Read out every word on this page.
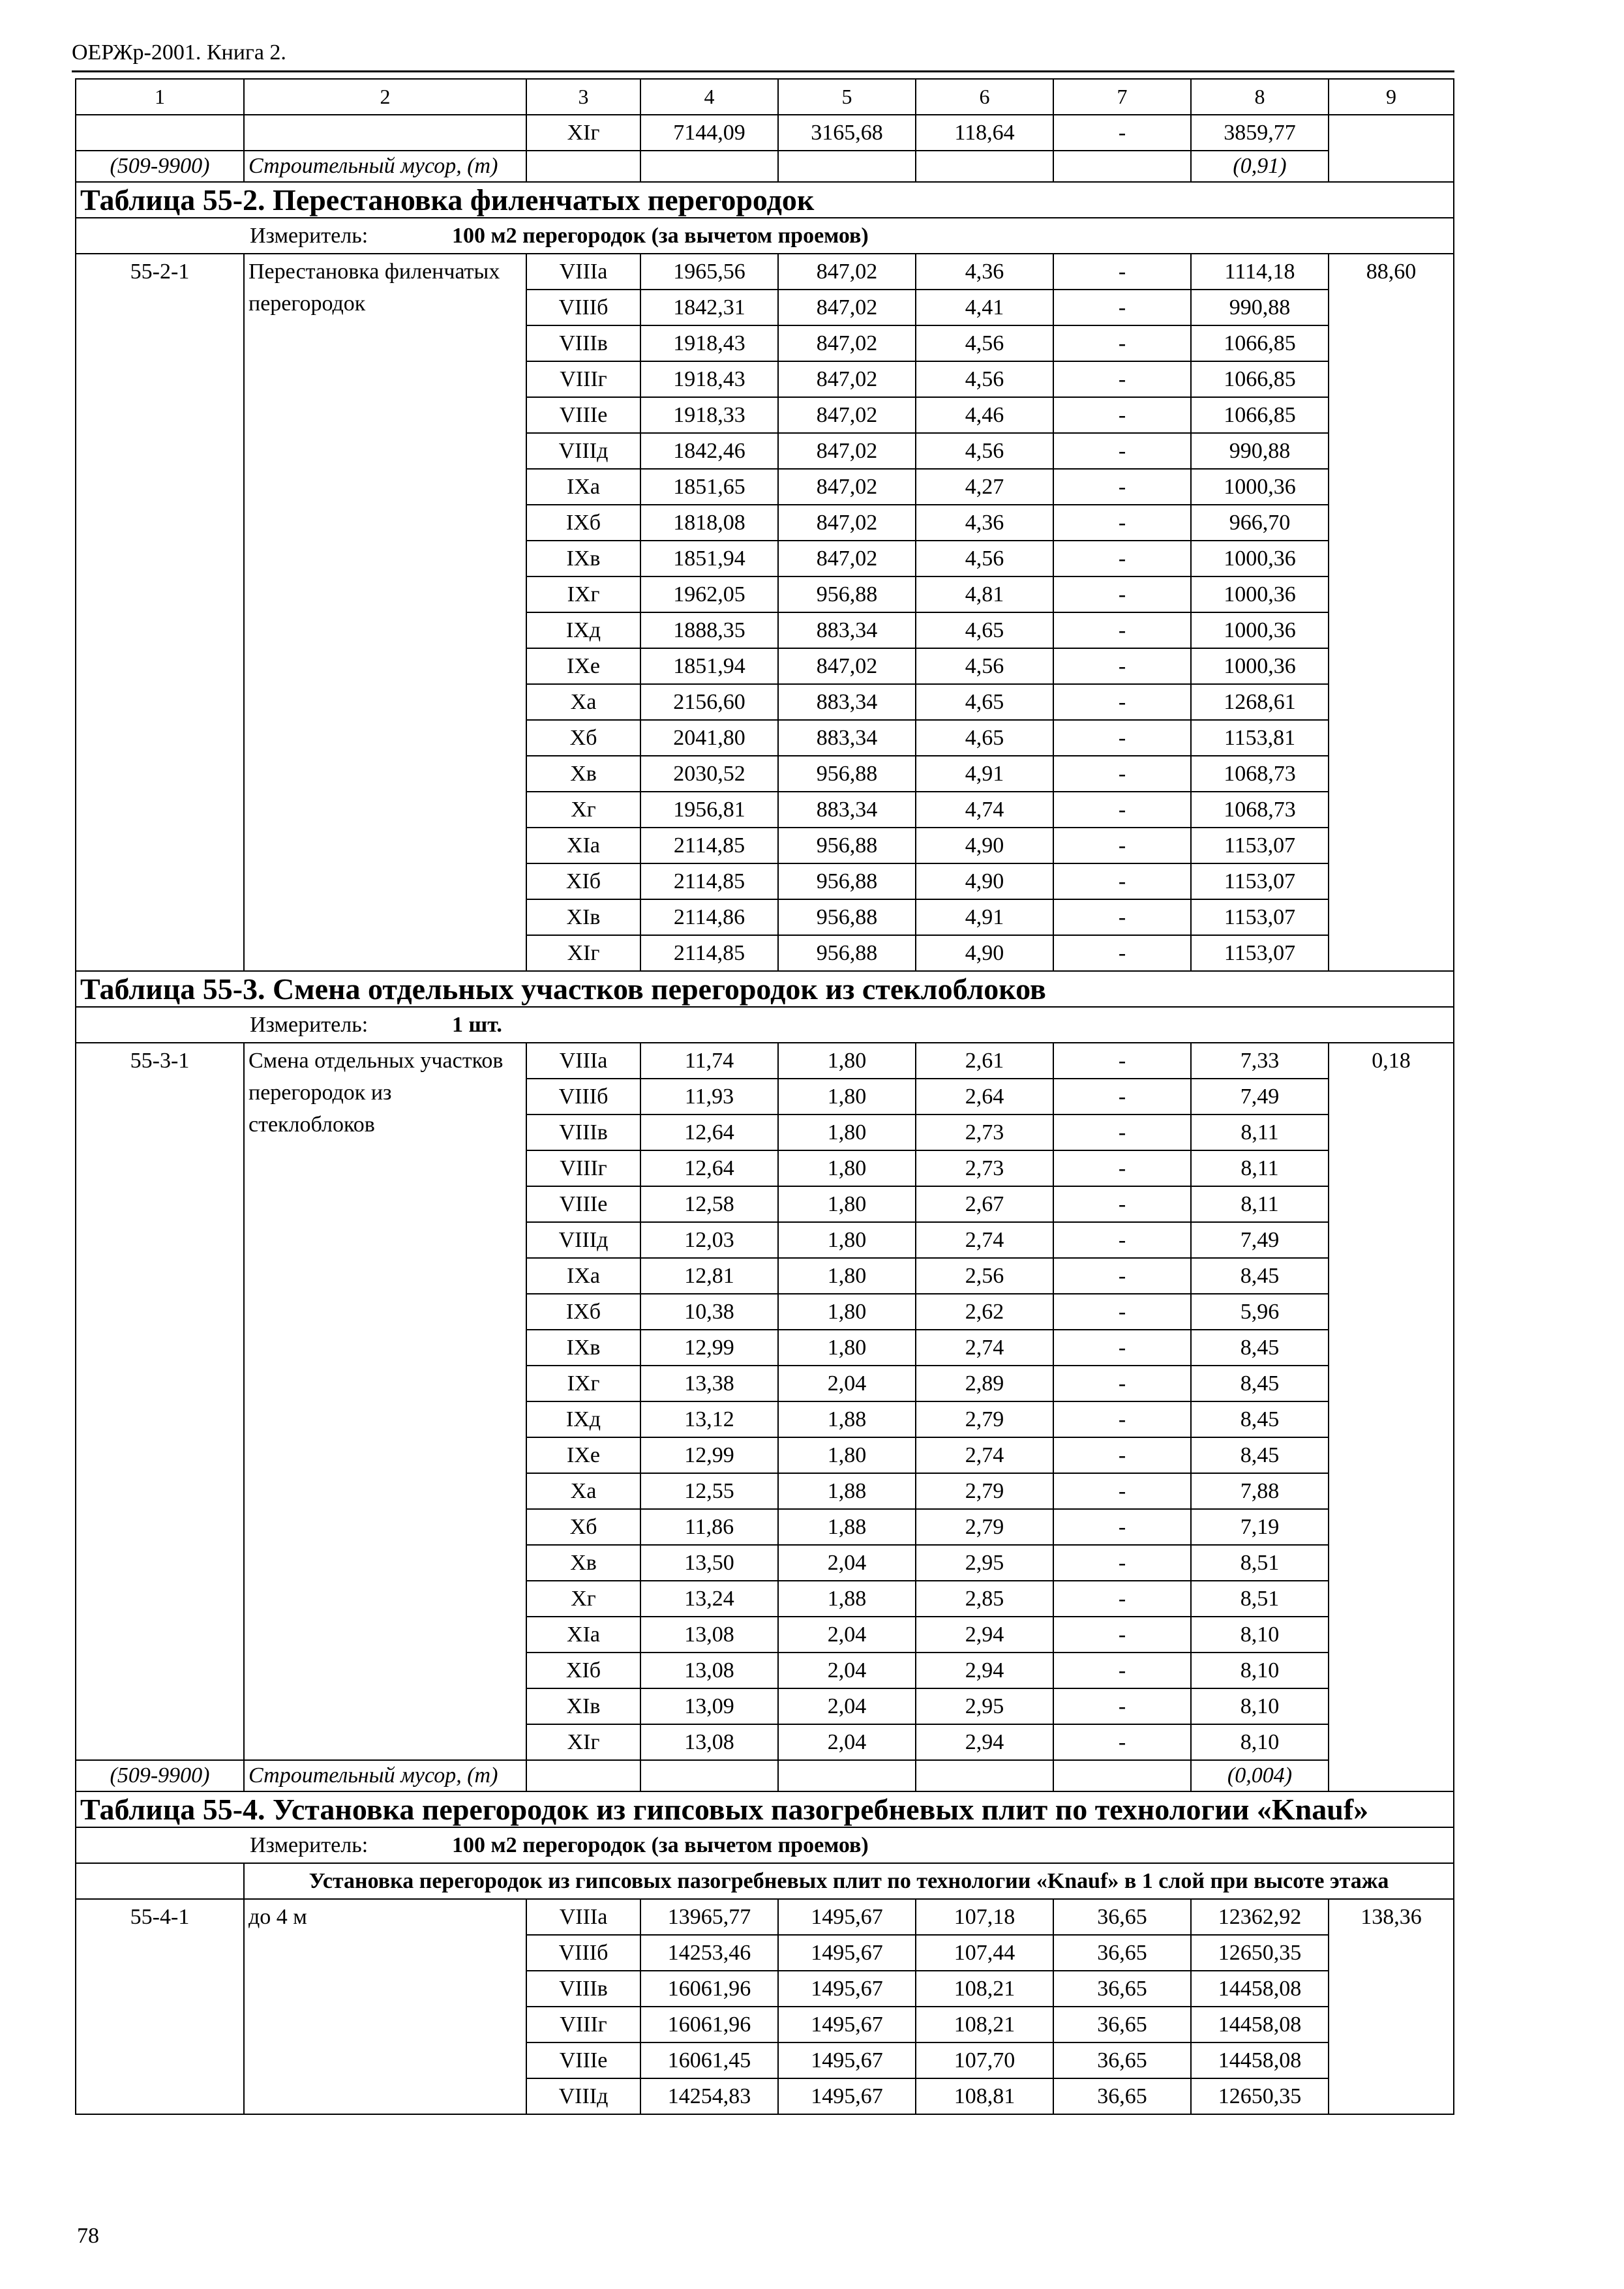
ОЕРЖр-2001. Книга 2.
1	2	3	4	5	6	7	8	9
		XIг	7144,09	3165,68	118,64	-	3859,77	
(509-9900)	Строительный мусор, (т)						(0,91)	
Таблица 55-2. Перестановка филенчатых перегородок								
Измеритель: 100 м2 перегородок (за вычетом проемов)								
55-2-1	Перестановка филенчатых перегородок	VIIIа	1965,56	847,02	4,36	-	1114,18	88,60
		VIIIб	1842,31	847,02	4,41	-	990,88	
		VIIIв	1918,43	847,02	4,56	-	1066,85	
		VIIIг	1918,43	847,02	4,56	-	1066,85	
		VIIIе	1918,33	847,02	4,46	-	1066,85	
		VIIIд	1842,46	847,02	4,56	-	990,88	
		IXа	1851,65	847,02	4,27	-	1000,36	
		IXб	1818,08	847,02	4,36	-	966,70	
		IXв	1851,94	847,02	4,56	-	1000,36	
		IXг	1962,05	956,88	4,81	-	1000,36	
		IXд	1888,35	883,34	4,65	-	1000,36	
		IXе	1851,94	847,02	4,56	-	1000,36	
		Xа	2156,60	883,34	4,65	-	1268,61	
		Xб	2041,80	883,34	4,65	-	1153,81	
		Xв	2030,52	956,88	4,91	-	1068,73	
		Xг	1956,81	883,34	4,74	-	1068,73	
		XIа	2114,85	956,88	4,90	-	1153,07	
		XIб	2114,85	956,88	4,90	-	1153,07	
		XIв	2114,86	956,88	4,91	-	1153,07	
		XIг	2114,85	956,88	4,90	-	1153,07	
Таблица 55-3. Смена отдельных участков перегородок из стеклоблоков								
Измеритель: 1 шт.								
55-3-1	Смена отдельных участков перегородок из стеклоблоков	VIIIа	11,74	1,80	2,61	-	7,33	0,18
		VIIIб	11,93	1,80	2,64	-	7,49	
		VIIIв	12,64	1,80	2,73	-	8,11	
		VIIIг	12,64	1,80	2,73	-	8,11	
		VIIIе	12,58	1,80	2,67	-	8,11	
		VIIIд	12,03	1,80	2,74	-	7,49	
		IXа	12,81	1,80	2,56	-	8,45	
		IXб	10,38	1,80	2,62	-	5,96	
		IXв	12,99	1,80	2,74	-	8,45	
		IXг	13,38	2,04	2,89	-	8,45	
		IXд	13,12	1,88	2,79	-	8,45	
		IXе	12,99	1,80	2,74	-	8,45	
		Xа	12,55	1,88	2,79	-	7,88	
		Xб	11,86	1,88	2,79	-	7,19	
		Xв	13,50	2,04	2,95	-	8,51	
		Xг	13,24	1,88	2,85	-	8,51	
		XIа	13,08	2,04	2,94	-	8,10	
		XIб	13,08	2,04	2,94	-	8,10	
		XIв	13,09	2,04	2,95	-	8,10	
		XIг	13,08	2,04	2,94	-	8,10	
(509-9900)	Строительный мусор, (т)						(0,004)	
Таблица 55-4. Установка перегородок из гипсовых пазогребневых плит по технологии «Knauf»								
Измеритель: 100 м2 перегородок (за вычетом проемов)								
	Установка перегородок из гипсовых пазогребневых плит по технологии «Knauf» в 1 слой при высоте этажа							
55-4-1	до 4 м	VIIIа	13965,77	1495,67	107,18	36,65	12362,92	138,36
		VIIIб	14253,46	1495,67	107,44	36,65	12650,35	
		VIIIв	16061,96	1495,67	108,21	36,65	14458,08	
		VIIIг	16061,96	1495,67	108,21	36,65	14458,08	
		VIIIе	16061,45	1495,67	107,70	36,65	14458,08	
		VIIIд	14254,83	1495,67	108,81	36,65	12650,35	
78
